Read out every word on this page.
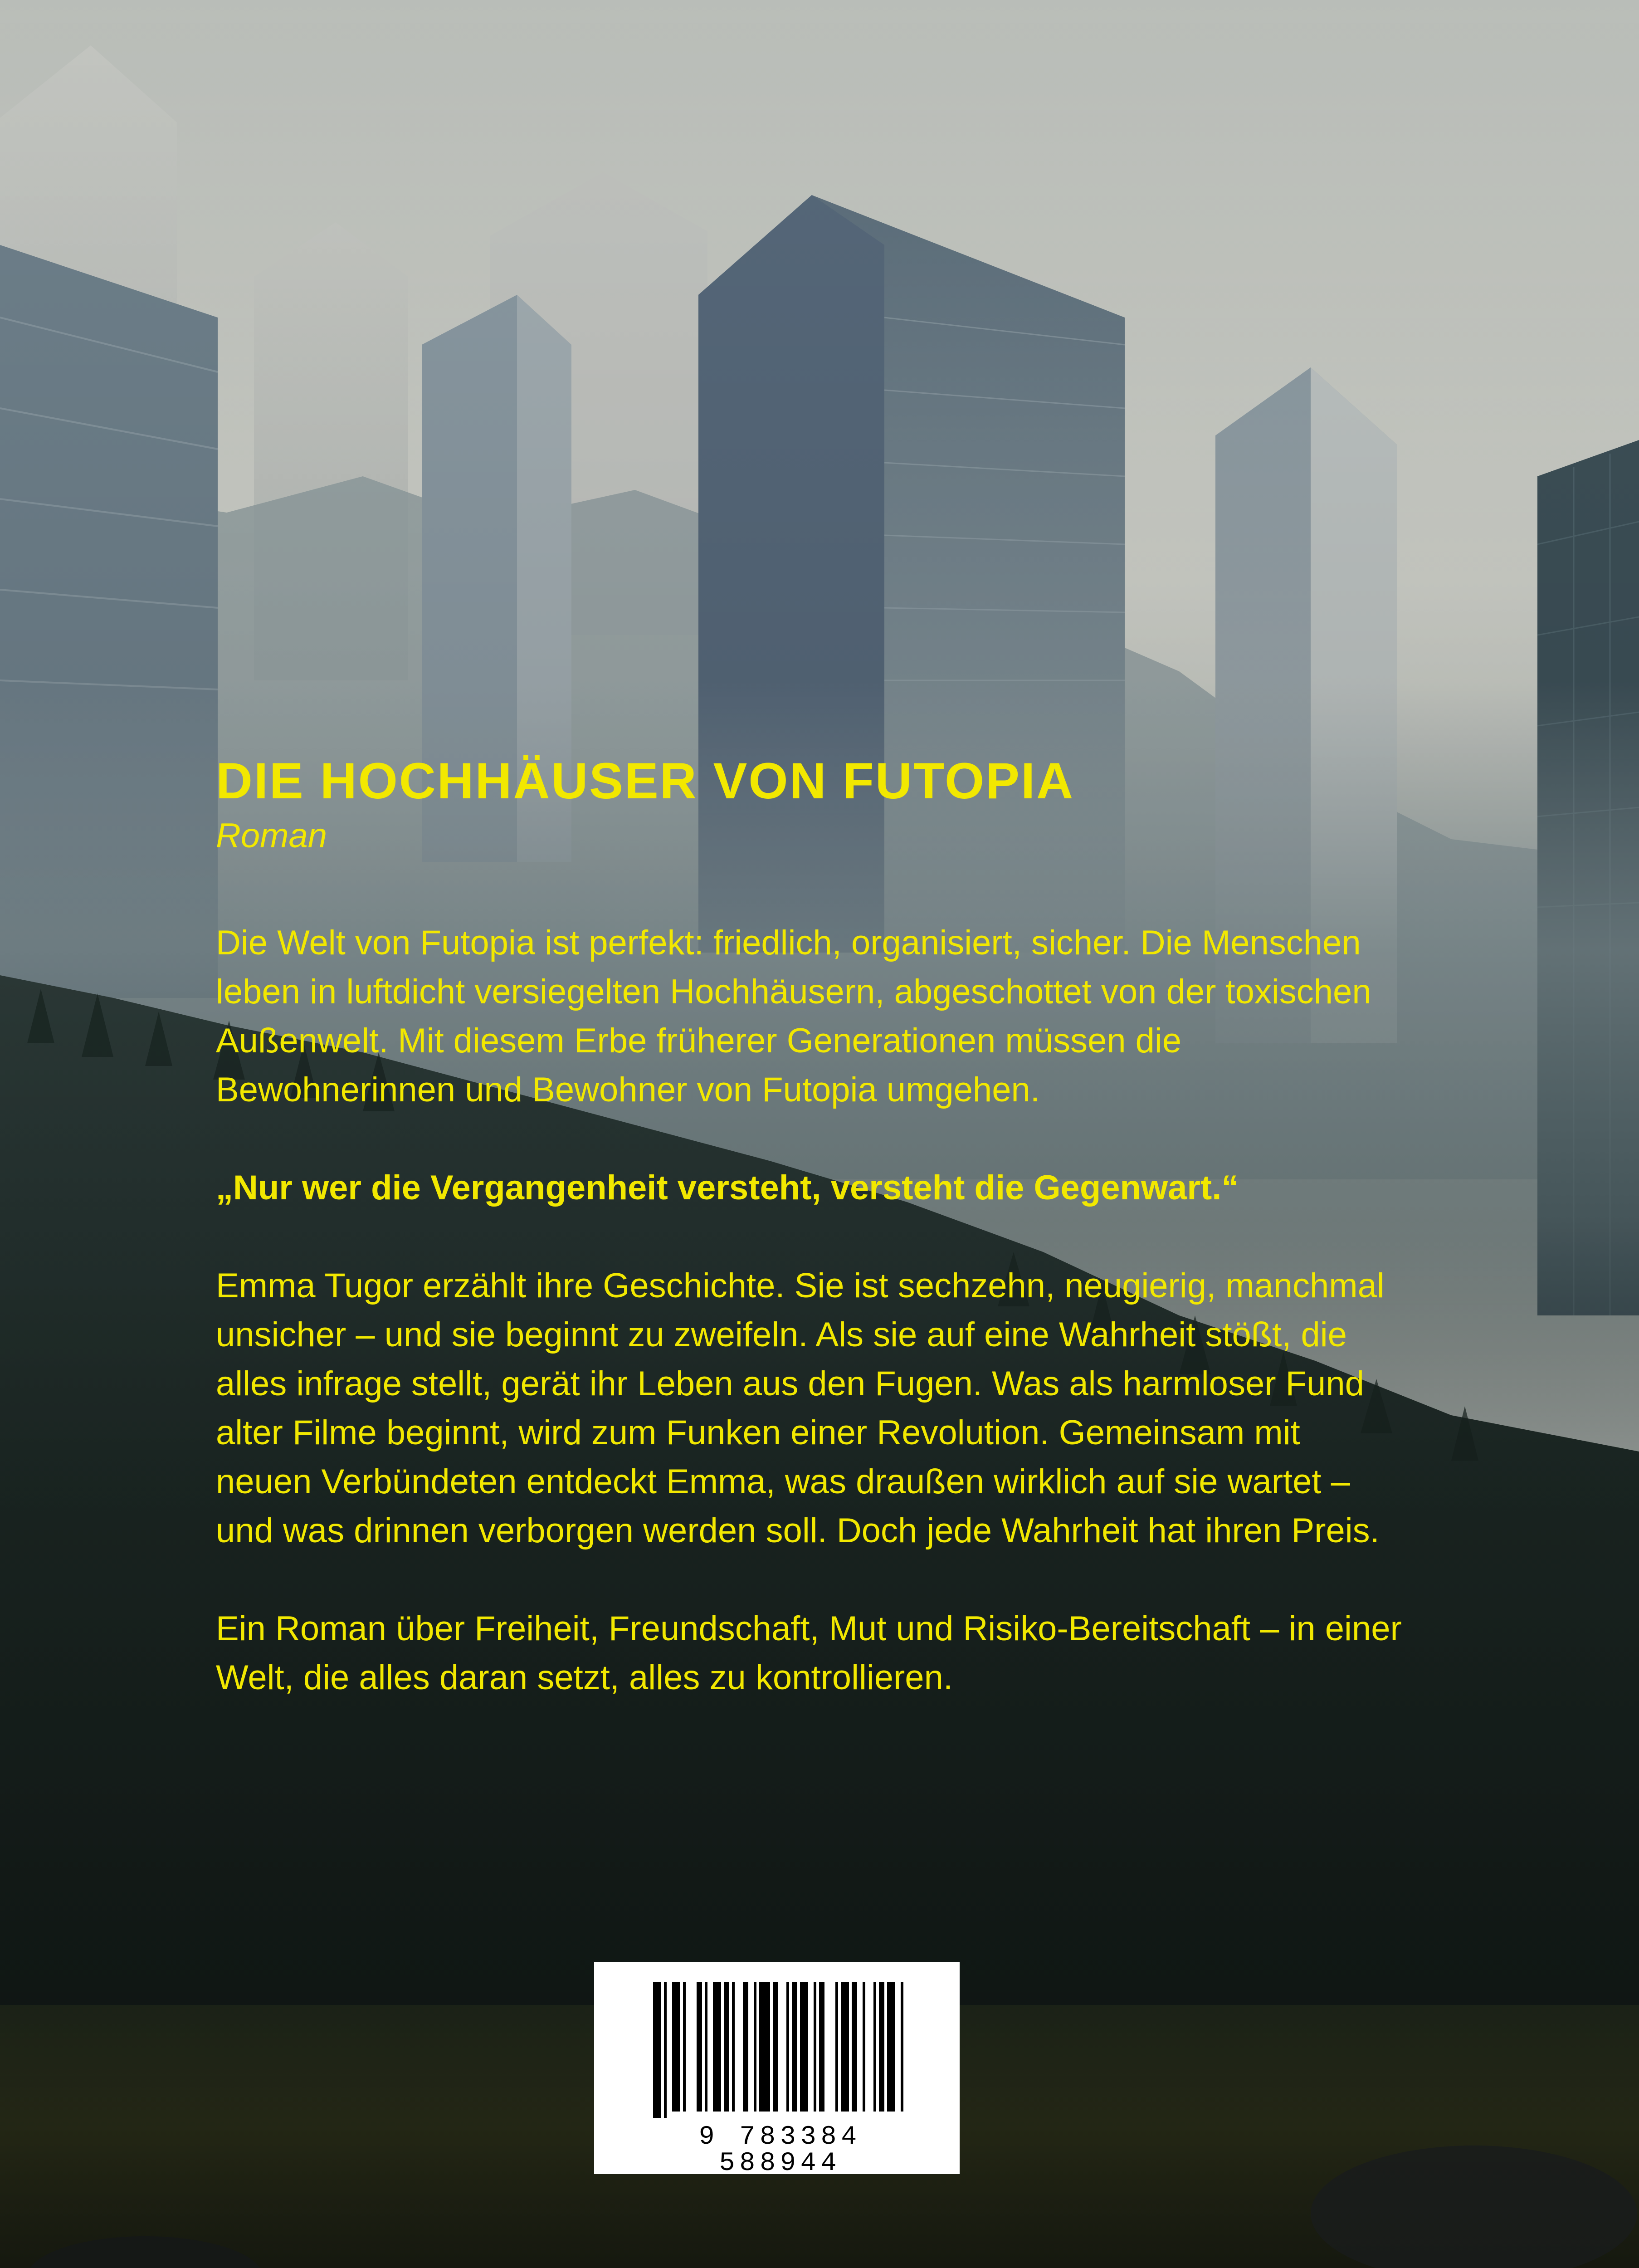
DIE HOCHHÄUSER VON FUTOPIA

Roman

Die Welt von Futopia ist perfekt: friedlich, organisiert, sicher. Die Menschen leben in luftdicht versiegelten Hochhäusern, abgeschottet von der toxischen Außenwelt. Mit diesem Erbe früherer Generationen müssen die Bewohnerinnen und Bewohner von Futopia umgehen.

„Nur wer die Vergangenheit versteht, versteht die Gegenwart.“

Emma Tugor erzählt ihre Geschichte. Sie ist sechzehn, neugierig, manchmal unsicher – und sie beginnt zu zweifeln. Als sie auf eine Wahrheit stößt, die alles infrage stellt, gerät ihr Leben aus den Fugen. Was als harmloser Fund alter Filme beginnt, wird zum Funken einer Revolution. Gemeinsam mit neuen Verbündeten entdeckt Emma, was draußen wirklich auf sie wartet – und was drinnen verborgen werden soll. Doch jede Wahrheit hat ihren Preis.

Ein Roman über Freiheit, Freundschaft, Mut und Risiko-Bereitschaft – in einer Welt, die alles daran setzt, alles zu kontrollieren.

9 783384 588944
